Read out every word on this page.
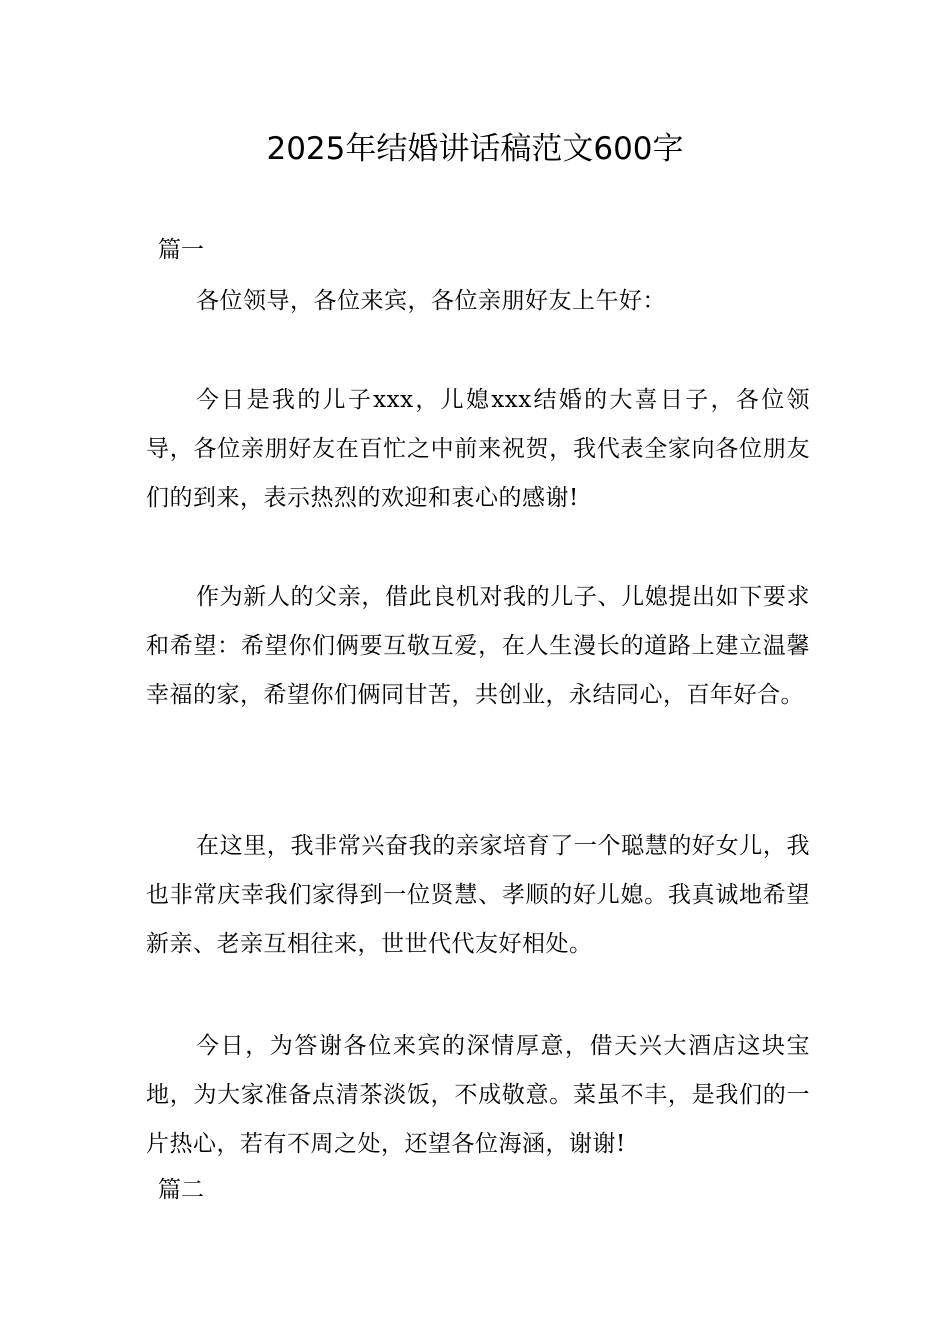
2025年结婚讲话稿范文600字

篇一

各位领导，各位来宾，各位亲朋好友上午好：

今日是我的儿子xxx，儿媳xxx结婚的大喜日子，各位领导，各位亲朋好友在百忙之中前来祝贺，我代表全家向各位朋友们的到来，表示热烈的欢迎和衷心的感谢!

作为新人的父亲，借此良机对我的儿子、儿媳提出如下要求和希望：希望你们俩要互敬互爱，在人生漫长的道路上建立温馨幸福的家，希望你们俩同甘苦，共创业，永结同心，百年好合。

在这里，我非常兴奋我的亲家培育了一个聪慧的好女儿，我也非常庆幸我们家得到一位贤慧、孝顺的好儿媳。我真诚地希望新亲、老亲互相往来，世世代代友好相处。

今日，为答谢各位来宾的深情厚意，借天兴大酒店这块宝地，为大家准备点清茶淡饭，不成敬意。菜虽不丰，是我们的一片热心，若有不周之处，还望各位海涵，谢谢!

篇二
